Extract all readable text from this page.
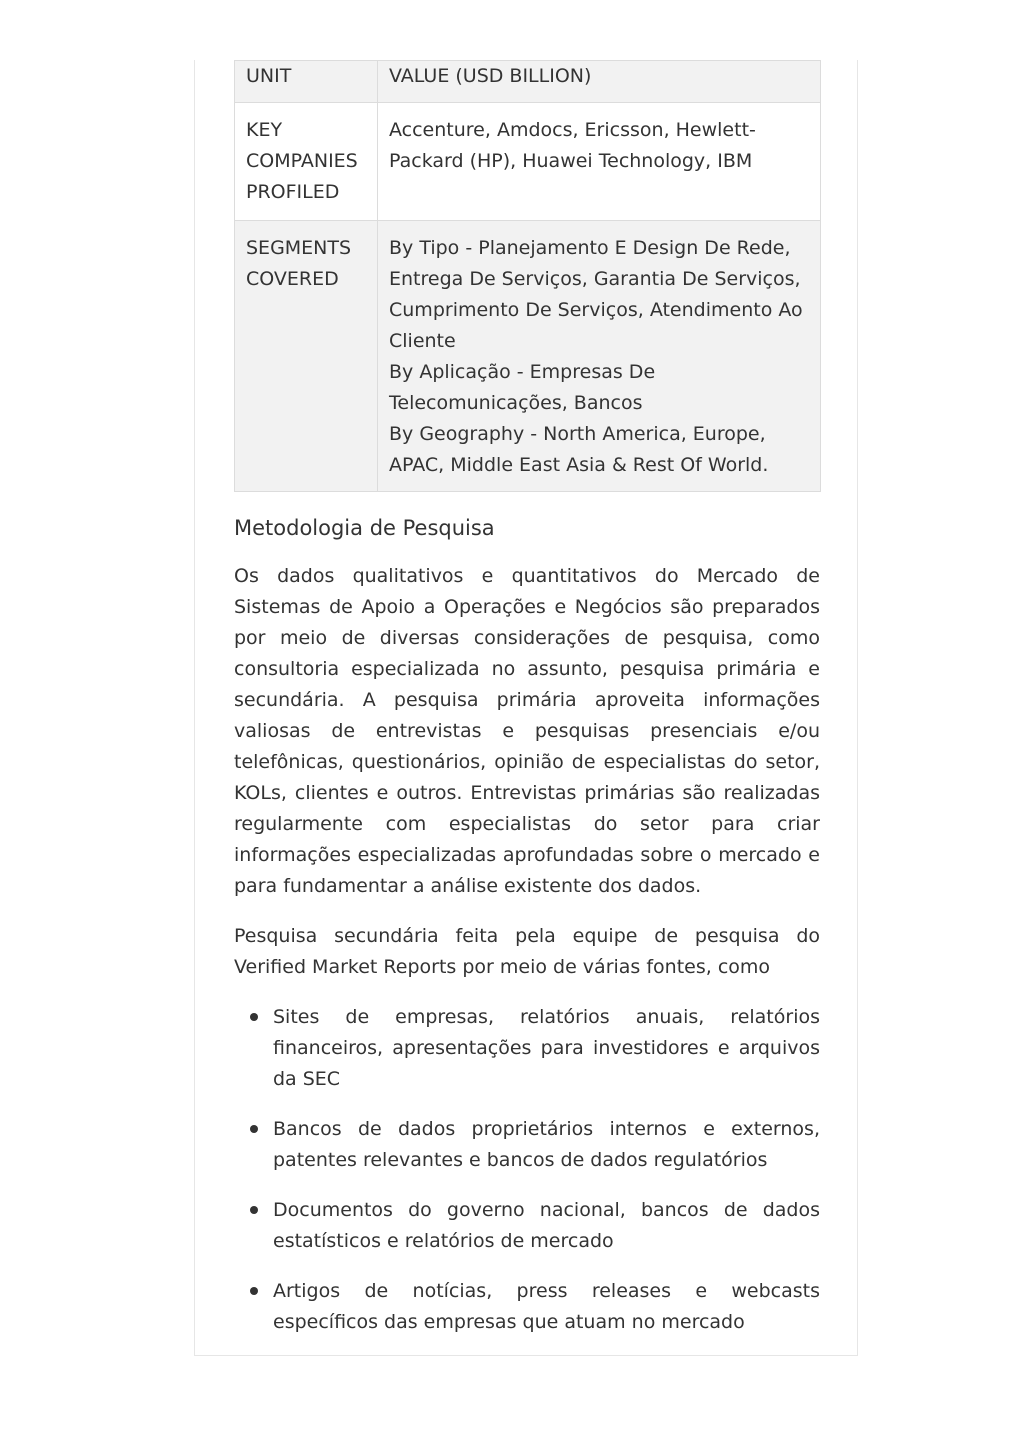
UNIT	VALUE (USD BILLION)

KEY COMPANIES PROFILED	Accenture, Amdocs, Ericsson, Hewlett-Packard (HP), Huawei Technology, IBM

SEGMENTS COVERED	By Tipo - Planejamento E Design De Rede, Entrega De Serviços, Garantia De Serviços, Cumprimento De Serviços, Atendimento Ao Cliente
By Aplicação - Empresas De Telecomunicações, Bancos
By Geography - North America, Europe, APAC, Middle East Asia & Rest Of World.
Metodologia de Pesquisa

Os dados qualitativos e quantitativos do Mercado de Sistemas de Apoio a Operações e Negócios são preparados por meio de diversas considerações de pesquisa, como consultoria especializada no assunto, pesquisa primária e secundária. A pesquisa primária aproveita informações valiosas de entrevistas e pesquisas presenciais e/ou telefônicas, questionários, opinião de especialistas do setor, KOLs, clientes e outros. Entrevistas primárias são realizadas regularmente com especialistas do setor para criar informações especializadas aprofundadas sobre o mercado e para fundamentar a análise existente dos dados.

Pesquisa secundária feita pela equipe de pesquisa do Verified Market Reports por meio de várias fontes, como

Sites de empresas, relatórios anuais, relatórios financeiros, apresentações para investidores e arquivos da SEC
Bancos de dados proprietários internos e externos, patentes relevantes e bancos de dados regulatórios
Documentos do governo nacional, bancos de dados estatísticos e relatórios de mercado
Artigos de notícias, press releases e webcasts específicos das empresas que atuam no mercado
